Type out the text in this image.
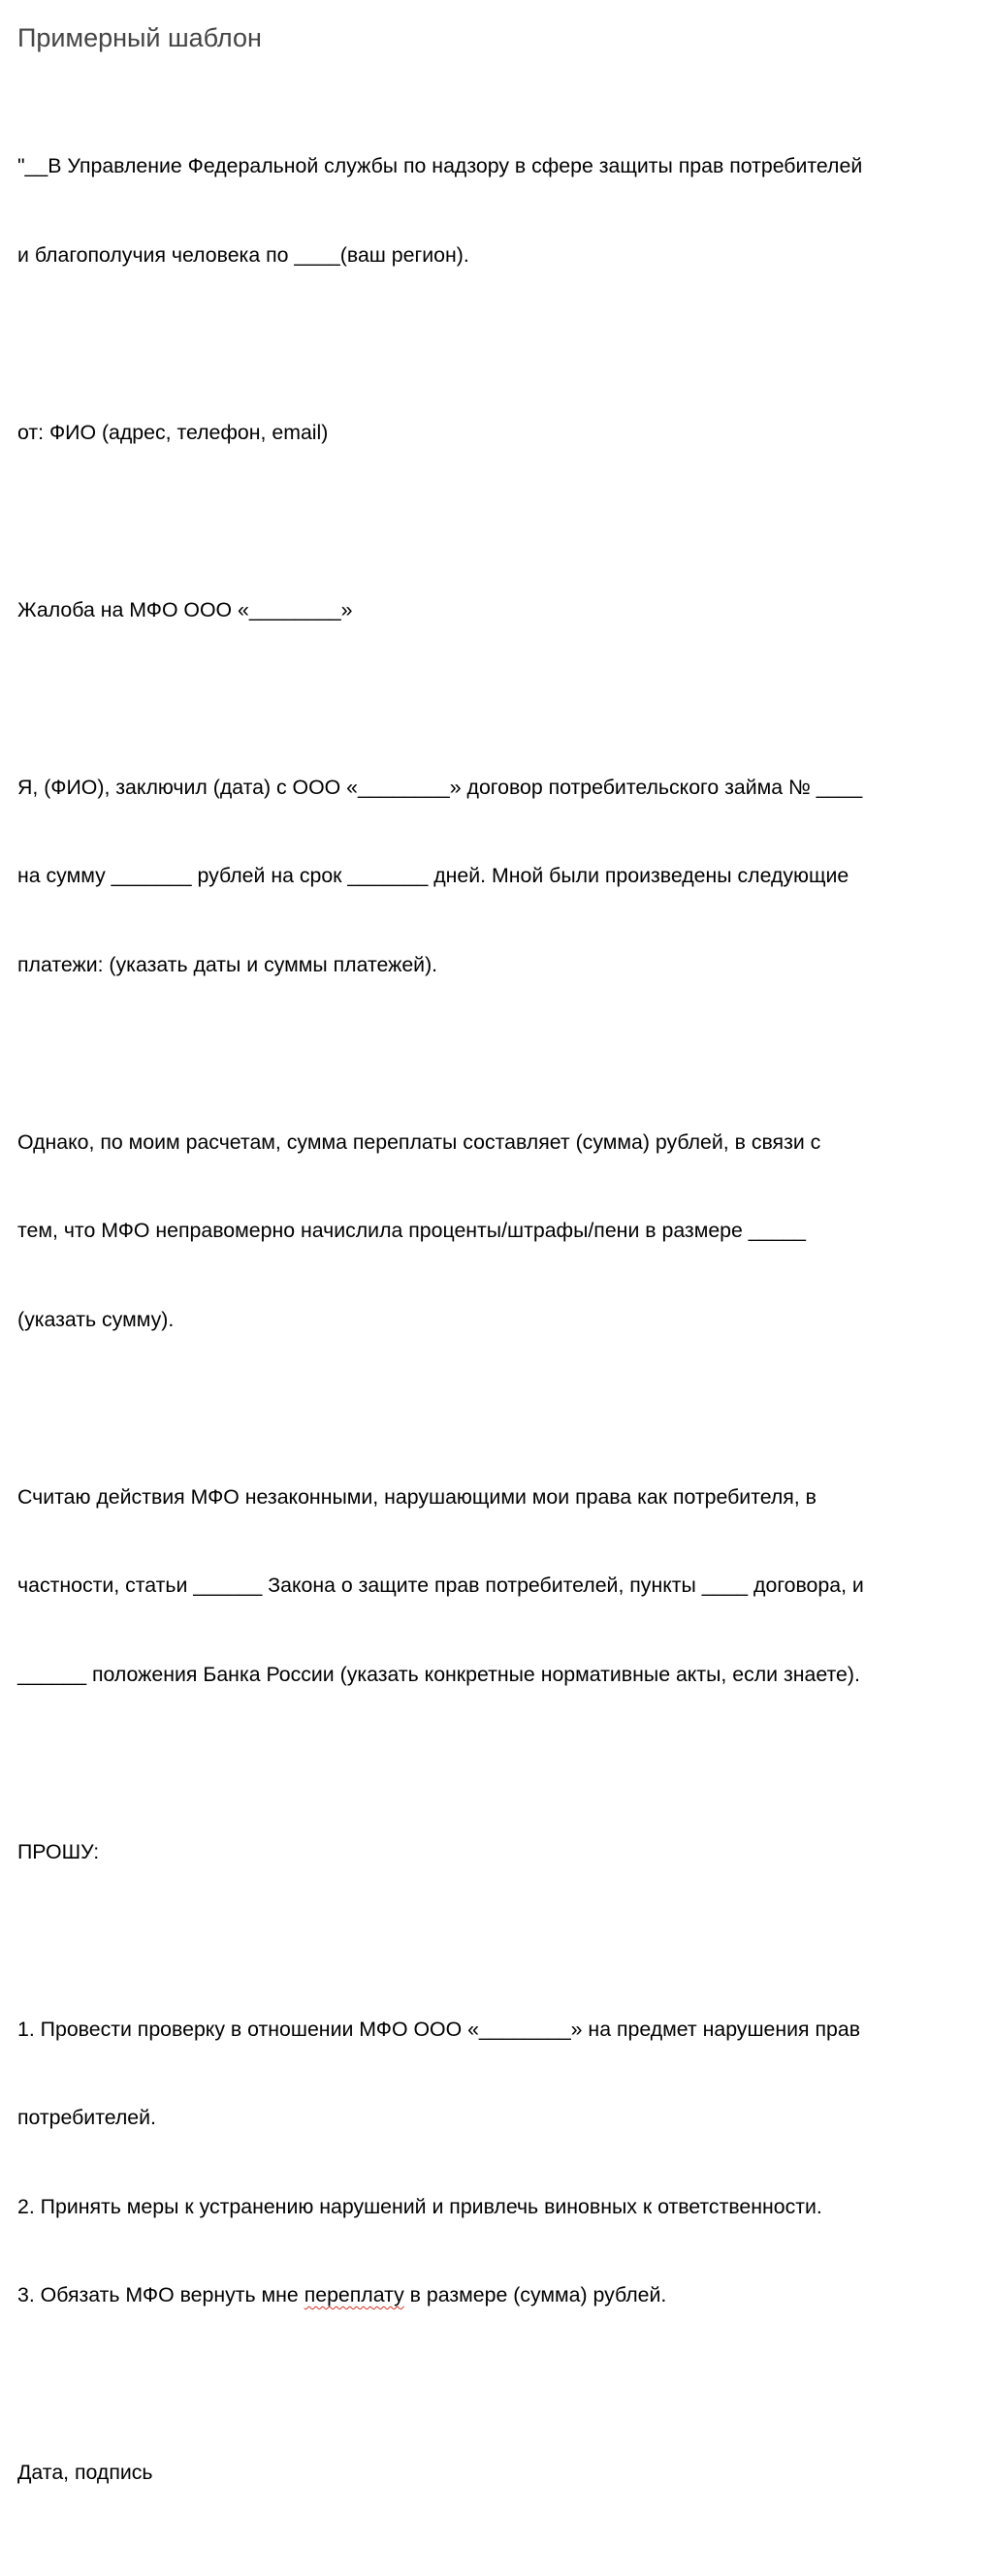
Примерный шаблон

"__В Управление Федеральной службы по надзору в сфере защиты прав потребителей

и благополучия человека по ____(ваш регион).

от: ФИО (адрес, телефон, email)

Жалоба на МФО ООО «________»

Я, (ФИО), заключил (дата) с ООО «________» договор потребительского займа № ____

на сумму _______ рублей на срок _______ дней. Мной были произведены следующие

платежи: (указать даты и суммы платежей).

Однако, по моим расчетам, сумма переплаты составляет (сумма) рублей, в связи с

тем, что МФО неправомерно начислила проценты/штрафы/пени в размере _____

(указать сумму).

Считаю действия МФО незаконными, нарушающими мои права как потребителя, в

частности, статьи ______ Закона о защите прав потребителей, пункты ____ договора, и

______ положения Банка России (указать конкретные нормативные акты, если знаете).

ПРОШУ:

1. Провести проверку в отношении МФО ООО «________» на предмет нарушения прав

потребителей.

2. Принять меры к устранению нарушений и привлечь виновных к ответственности.

3. Обязать МФО вернуть мне переплату в размере (сумма) рублей.

Дата, подпись
